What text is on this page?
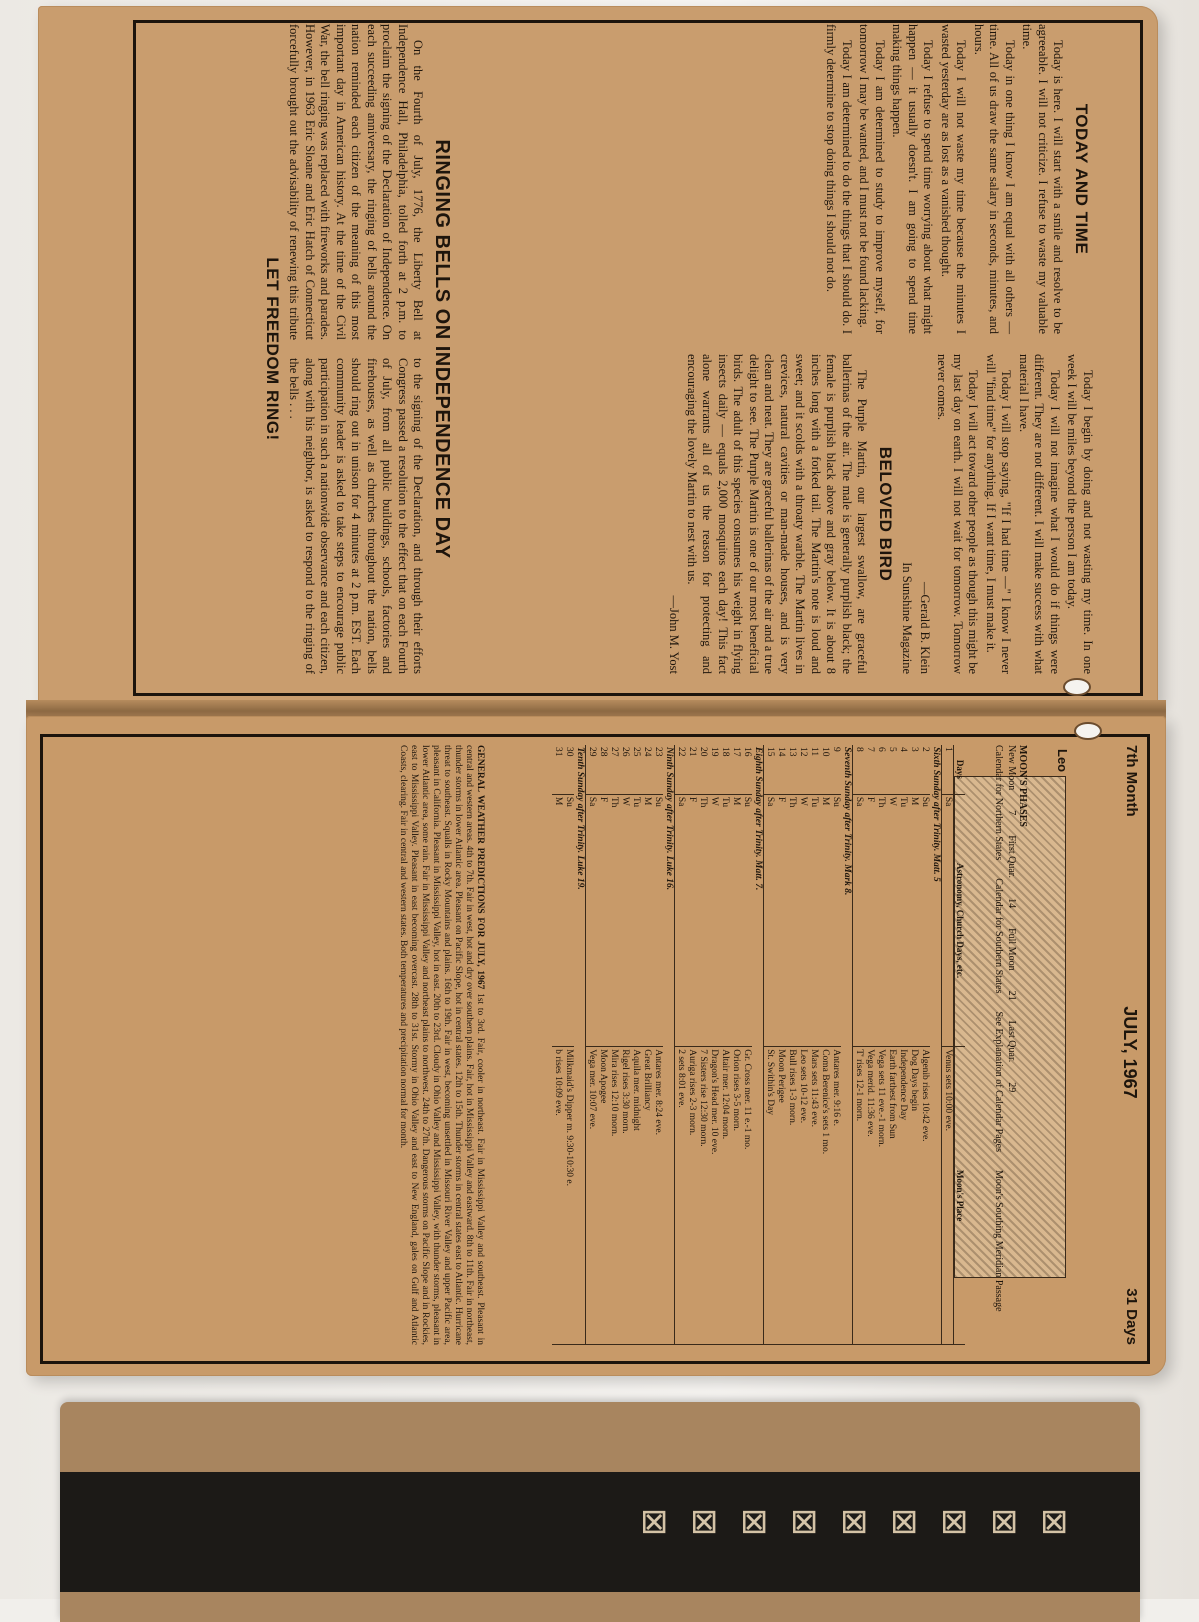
TODAY AND TIME

Today is here. I will start with a smile and resolve to be agreeable. I will not criticize. I refuse to waste my valuable time.

Today in one thing I know I am equal with all others — time. All of us draw the same salary in seconds, minutes, and hours.

Today I will not waste my time because the minutes I wasted yesterday are as lost as a vanished thought.

Today I refuse to spend time worrying about what might happen — it usually doesn't. I am going to spend time making things happen.

Today I am determined to study to improve myself, for tomorrow I may be wanted, and I must not be found lacking.

Today I am determined to do the things that I should do. I firmly determine to stop doing things I should not do.

Today I begin by doing and not wasting my time. In one week I will be miles beyond the person I am today.

Today I will not imagine what I would do if things were different. They are not different. I will make success with what material I have.

Today I will stop saying, "If I had time —" I know I never will "find time" for anything. If I want time, I must make it.

Today I will act toward other people as though this might be my last day on earth. I will not wait for tomorrow. Tomorrow never comes.

—Gerald B. Klein
In Sunshine Magazine
BELOVED BIRD

The Purple Martin, our largest swallow, are graceful ballerinas of the air. The male is generally purplish black; the female is purplish black above and gray below. It is about 8 inches long with a forked tail. The Martin's note is loud and sweet; and it scolds with a throaty warble. The Martin lives in crevices, natural cavities or man-made houses, and is very clean and neat. They are graceful ballerinas of the air and a true delight to see. The Purple Martin is one of our most beneficial birds. The adult of this species consumes his weight in flying insects daily — equals 2,000 mosquitos each day! This fact alone warrants all of us the reason for protecting and encouraging the lovely Martin to nest with us.

—John M. Yost
RINGING BELLS ON INDEPENDENCE DAY

On the Fourth of July, 1776, the Liberty Bell at Independence Hall, Philadelphia, tolled forth at 2 p.m. to proclaim the signing of the Declaration of Independence. On each succeeding anniversary, the ringing of bells around the nation reminded each citizen of the meaning of this most important day in American history. At the time of the Civil War, the bell ringing was replaced with fireworks and parades. However, in 1963 Eric Sloane and Eric Hatch of Connecticut forcefully brought out the advisability of renewing this tribute to the signing of the Declaration, and through their efforts Congress passed a resolution to the effect that on each Fourth of July, from all public buildings, schools, factories and firehouses, as well as churches throughout the nation, bells should ring out in unison for 4 minutes at 2 p.m. EST. Each community leader is asked to take steps to encourage public participation in such a nationwide observance and each citizen, along with his neighbor, is asked to respond to the ringing of the bells . . .

LET FREEDOM RING!
7th Month
JULY, 1967
31 Days
Leo
MOON'S PHASES
New Moon
7
First Quar.
14
Full Moon
21
Last Quar.
29
Calendar for Northern States
Calendar for Southern States
See Explanation of Calendar Pages
Moon's Southing Meridian Passage
Days	Astronomy, Church Days, etc.	Moon's Place
1	Sa	Venus sets 10:00 eve.
Sixth Sunday after Trinity. Matt. 5		
2	Su	Algenib rises 10:42 eve.
3	M	Dog Days begin
4	Tu	Independence Day
5	W	Earth farthest from Sun
6	Th	Vega sets 11 eve.-1 morn.
7	F	Vega merid. 11:36 eve.
8	Sa	T' rises 12-1 morn.
Seventh Sunday after Trinity. Mark 8.		
9	Su	Antares mer. 9:16 e.
10	M	Coma Berenice's sets 1 mo.
11	Tu	Mars sets 11:43 eve.
12	W	Leo sets 10-12 eve.
13	Th	Bull rises 1-3 morn.
14	F	Moon Perigee
15	Sa	St. Swithin's Day
Eighth Sunday after Trinity. Matt. 7.		
16	Su	Gr. Cross mer. 11 e.-1 mo.
17	M	Orion rises 3-5 morn.
18	Tu	Altair mer. 12:04 morn.
19	W	Dragon's Head mer. 10 eve.
20	Th	7 Sisters rise 12:30 morn.
21	F	Auriga rises 2-3 morn.
22	Sa	2 sets 8:01 eve.
Ninth Sunday after Trinity. Luke 16.		
23	Su	Antares mer. 8:24 eve.
24	M	Great Brilliancy
25	Tu	Aquila mer. midnight
26	W	Rigel rises 3:30 morn.
27	Th	Mira rises 12:10 morn.
28	F	Moon Apogee
29	Sa	Vega mer. 10:07 eve.
Tenth Sunday after Trinity. Luke 19.		
30	Su	Milkmaid's Dipper m. 9:30-10:30 e.
31	M	b rises 10:09 eve.
GENERAL WEATHER PREDICTIONS FOR JULY, 1967 1st to 3rd. Fair, cooler in northeast. Fair in Mississippi Valley and southeast. Pleasant in central and western areas. 4th to 7th. Fair in west, hot and dry over southern plains. Fair, hot in Mississippi Valley and eastward. 8th to 11th. Fair in northeast, thunder storms in lower Atlantic area. Pleasant on Pacific Slope, hot in central states. 12th to 15th. Thunder storms in central states east to Atlantic. Hurricane threat to southeast. Squalls in Rocky Mountains and plains. 16th to 19th. Fair in west, becoming unsettled in Missouri River Valley and upper Pacific area, pleasant in California. Pleasant in Mississippi Valley, hot in east. 20th to 23rd. Cloudy in Ohio Valley and Mississippi Valley, with thunder storms, pleasant in lower Atlantic area, some rain. Fair in Mississippi Valley and northeast plains to northwest. 24th to 27th. Dangerous storms on Pacific Slope and in Rockies, east to Mississippi Valley. Pleasant in east becoming overcast. 28th to 31st. Stormy in Ohio Valley and east to New England, gales on Gulf and Atlantic Coasts, clearing. Fair in central and western states. Both temperatures and precipitation normal for month.
⊠
⊠
⊠
⊠
⊠
⊠
⊠
⊠
⊠
